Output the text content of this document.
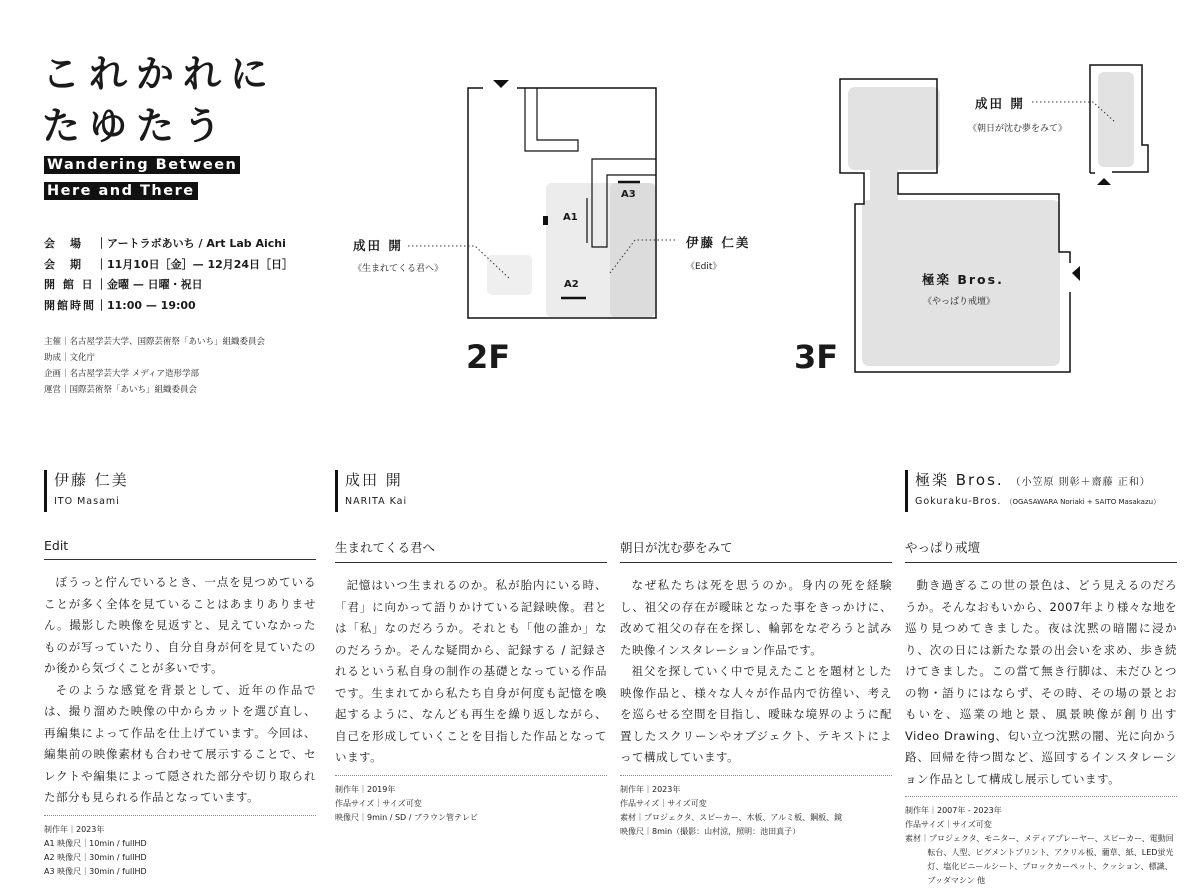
これかれに
たゆたう
Wandering Between
Here and There
会　場 ｜アートラボあいち / Art Lab Aichi
会　期 ｜11月10日［金］— 12月24日［日］
開 館 日｜金曜 — 日曜・祝日
開館時間｜11:00 — 19:00
主催｜名古屋学芸大学、国際芸術祭「あいち」組織委員会
助成｜文化庁
企画｜名古屋学芸大学 メディア造形学部
運営｜国際芸術祭「あいち」組織委員会
2F	3F
成田 開
《生まれてくる君へ》
伊藤 仁美
《Edit》
A1
A2
A3
成田 開
《朝日が沈む夢をみて》
極楽 Bros.
《やっぱり戒壇》
伊藤 仁美
ITO Masami
Edit

ぼうっと佇んでいるとき、一点を見つめていることが多く全体を見ていることはあまりありません。撮影した映像を見返すと、見えていなかったものが写っていたり、自分自身が何を見ていたのか後から気づくことが多いです。

そのような感覚を背景として、近年の作品では、撮り溜めた映像の中からカットを選び直し、再編集によって作品を仕上げています。今回は、編集前の映像素材も合わせて展示することで、セレクトや編集によって隠された部分や切り取られた部分も見られる作品となっています。

制作年｜2023年
A1 映像尺｜10min / fullHD
A2 映像尺｜30min / fullHD
A3 映像尺｜30min / fullHD
成田 開
NARITA Kai
生まれてくる君へ

記憶はいつ生まれるのか。私が胎内にいる時、「君」に向かって語りかけている記録映像。君とは「私」なのだろうか。それとも「他の誰か」なのだろうか。そんな疑問から、記録する / 記録されるという私自身の制作の基礎となっている作品です。生まれてから私たち自身が何度も記憶を喚起するように、なんども再生を繰り返しながら、自己を形成していくことを目指した作品となっています。

制作年｜2019年
作品サイズ｜サイズ可変
映像尺｜9min / SD / ブラウン管テレビ
朝日が沈む夢をみて

なぜ私たちは死を思うのか。身内の死を経験し、祖父の存在が曖昧となった事をきっかけに、改めて祖父の存在を探し、輪郭をなぞろうと試みた映像インスタレーション作品です。

祖父を探していく中で見えたことを題材とした映像作品と、様々な人々が作品内で彷徨い、考えを巡らせる空間を目指し、曖昧な境界のように配置したスクリーンやオブジェクト、テキストによって構成しています。

制作年｜2023年
作品サイズ｜サイズ可変
素材｜プロジェクタ、スピーカー、木板、アルミ板、鋼板、鏡
映像尺｜8min（撮影：山村涼，照明：池田真子）
極楽 Bros. （小笠原 則彰＋齋藤 正和）
Gokuraku-Bros. （OGASAWARA Noriaki + SAITO Masakazu）
やっぱり戒壇

動き過ぎるこの世の景色は、どう見えるのだろうか。そんなおもいから、2007年より様々な地を巡り見つめてきました。夜は沈黙の暗闇に浸かり、次の日には新たな景の出会いを求め、歩き続けてきました。この當て無き行脚は、未だひとつの物・語りにはならず、その時、その場の景とおもいを、巡業の地と景、風景映像が創り出すVideo Drawing、匂い立つ沈黙の闇、光に向かう路、回帰を待つ間など、巡回するインスタレーション作品として構成し展示しています。

制作年｜2007年 - 2023年
作品サイズ｜サイズ可変
素材｜プロジェクタ、モニター、メディアプレーヤー、スピーカー、電動回転台、人型、ピグメントプリント、アクリル板、藺草、紙、LED蛍光灯、塩化ビニールシート、ブロックカーペット、クッション、標識、ブッダマシン 他
